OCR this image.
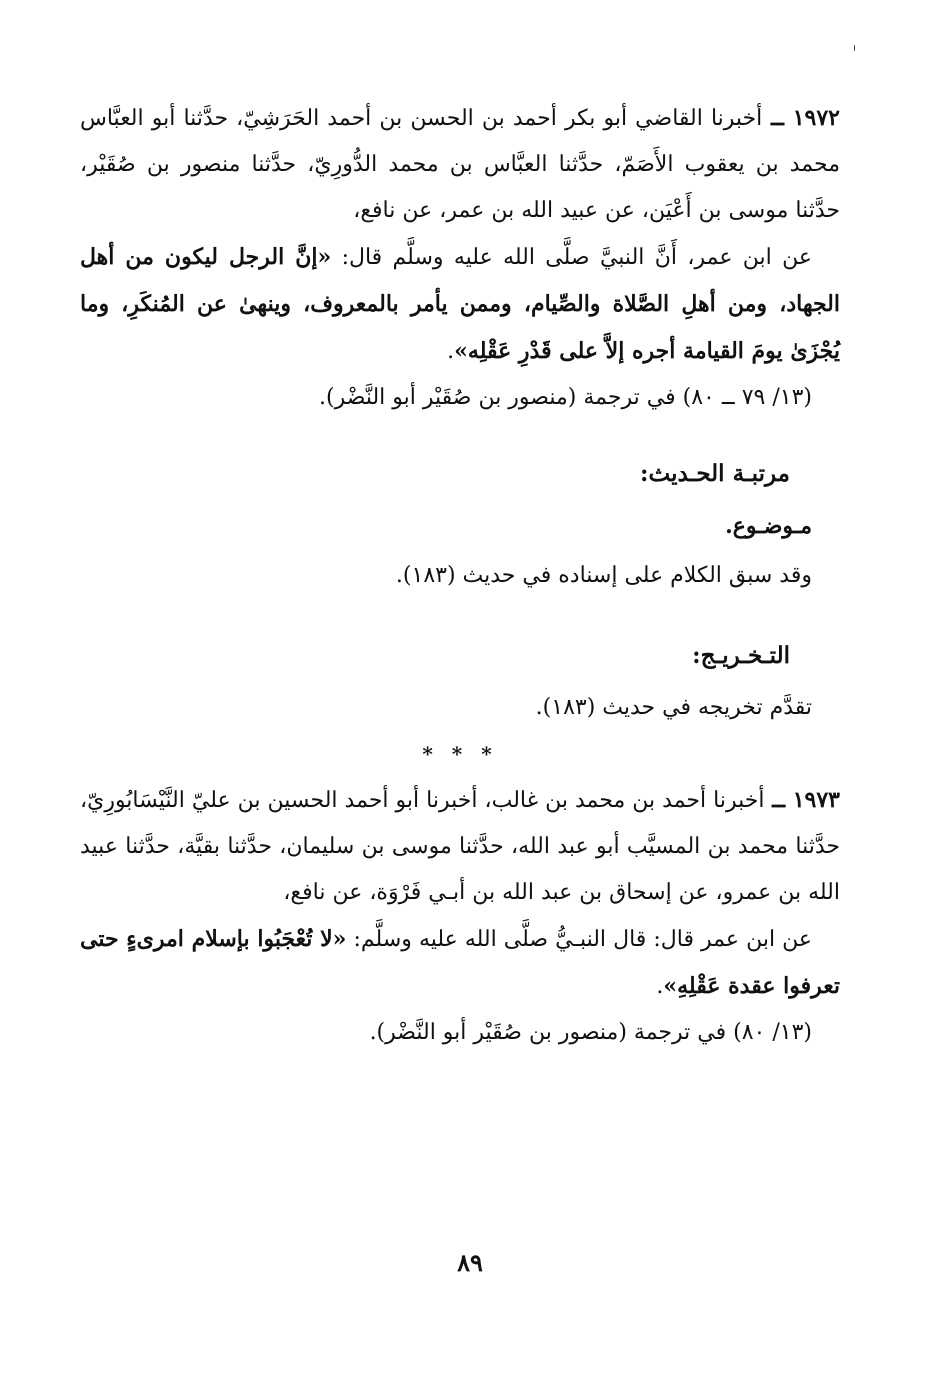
١٩٧٢ ــ أخبرنا القاضي أبو بكر أحمد بن الحسن بن أحمد الحَرَشِيّ، حدَّثنا أبو العبَّاس محمد بن يعقوب الأَصَمّ، حدَّثنا العبَّاس بن محمد الدُّورِيّ، حدَّثنا منصور بن صُقَيْر، حدَّثنا موسى بن أَعْيَن، عن عبيد الله بن عمر، عن نافع،

عن ابن عمر، أَنَّ النبيَّ صلَّى الله عليه وسلَّم قال: «إنَّ الرجل ليكون من أهل الجهاد، ومن أهلِ الصَّلاة والصِّيام، وممن يأمر بالمعروف، وينهىٰ عن المُنكَرِ، وما يُجْزَىٰ يومَ القيامة أجره إلاَّ على قَدْرِ عَقْلِه».

(١٣/ ٧٩ ــ ٨٠) في ترجمة (منصور بن صُقَيْر أبو النَّضْر).

مرتبـة الحـديث:

مـوضـوع.

وقد سبق الكلام على إسناده في حديث (١٨٣).

التـخـريـج:

تقدَّم تخريجه في حديث (١٨٣).

* * *

١٩٧٣ ــ أخبرنا أحمد بن محمد بن غالب، أخبرنا أبو أحمد الحسين بن عليّ النَّيْسَابُورِيّ، حدَّثنا محمد بن المسيَّب أبو عبد الله، حدَّثنا موسى بن سليمان، حدَّثنا بقيَّة، حدَّثنا عبيد الله بن عمرو، عن إسحاق بن عبد الله بن أبـي فَرْوَة، عن نافع،

عن ابن عمر قال: قال النبـيُّ صلَّى الله عليه وسلَّم: «لا تُعْجَبُوا بإسلام امرىءٍ حتى تعرفوا عقدة عَقْلِهِ».

(١٣/ ٨٠) في ترجمة (منصور بن صُقَيْر أبو النَّضْر).

٨٩
